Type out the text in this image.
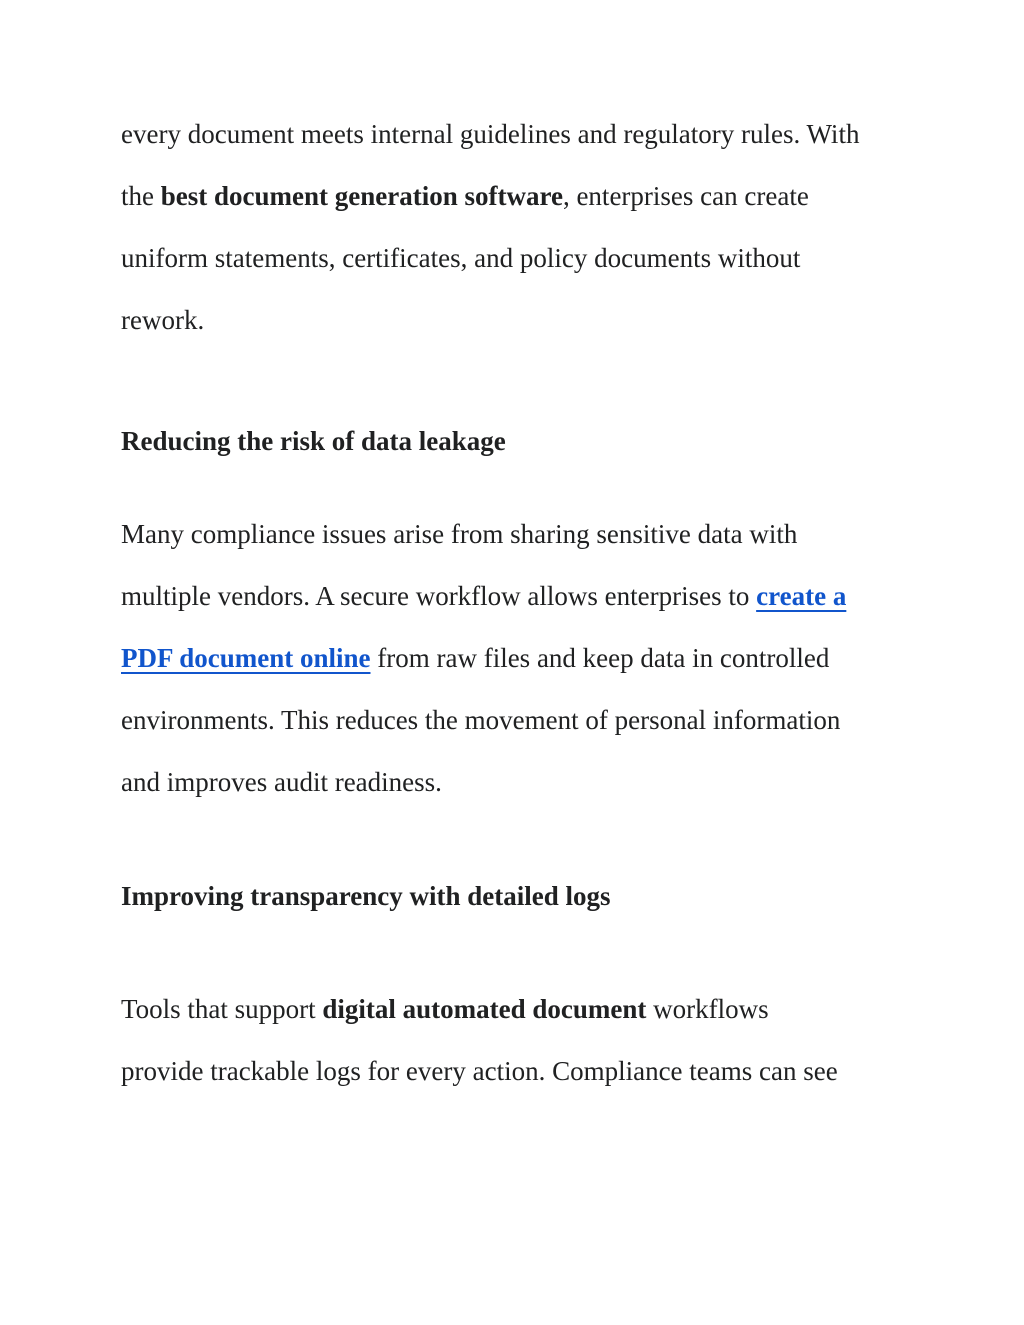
every document meets internal guidelines and regulatory rules. With
the best document generation software, enterprises can create
uniform statements, certificates, and policy documents without
rework.

Reducing the risk of data leakage

Many compliance issues arise from sharing sensitive data with
multiple vendors. A secure workflow allows enterprises to create a
PDF document online from raw files and keep data in controlled
environments. This reduces the movement of personal information
and improves audit readiness.

Improving transparency with detailed logs

Tools that support digital automated document workflows
provide trackable logs for every action. Compliance teams can see
